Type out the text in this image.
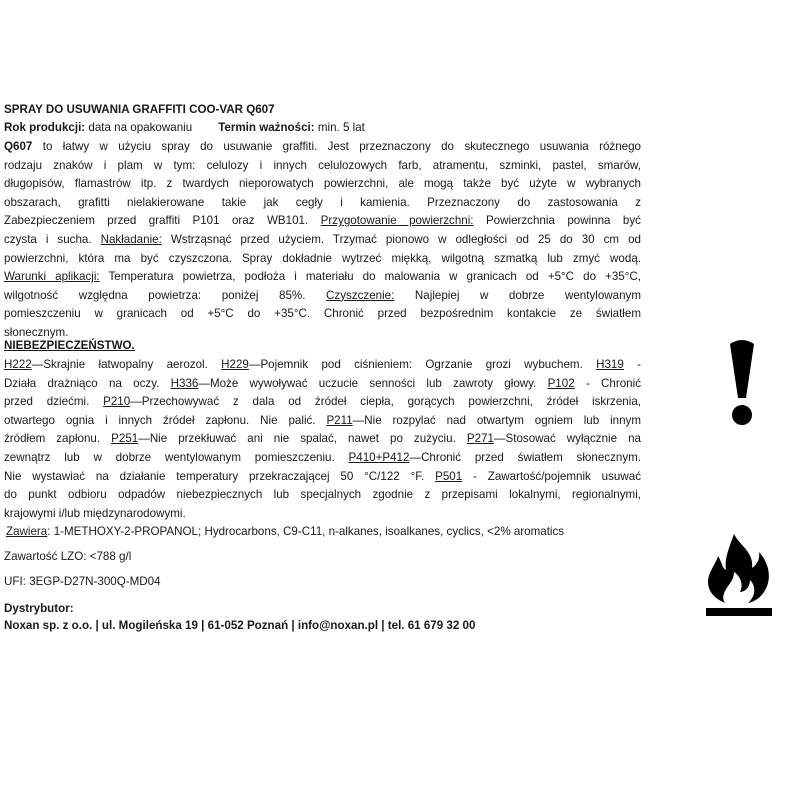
SPRAY DO USUWANIA GRAFFITI COO-VAR Q607
Rok produkcji: data na opakowaniu Termin ważności: min. 5 lat
Q607 to łatwy w użyciu spray do usuwanie graffiti. Jest przeznaczony do skutecznego usuwania różnego
rodzaju znaków i plam w tym: celulozy i innych celulozowych farb, atramentu, szminki, pastel, smarów,
długopisów, flamastrów itp. z twardych nieporowatych powierzchni, ale mogą także być użyte w wybranych
obszarach, grafitti nielakierowane takie jak cegły i kamienia. Przeznaczony do zastosowania z
Zabezpieczeniem przed graffiti P101 oraz WB101. Przygotowanie powierzchni: Powierzchnia powinna być
czysta i sucha. Nakładanie: Wstrząsnąć przed użyciem. Trzymać pionowo w odległości od 25 do 30 cm od
powierzchni, która ma być czyszczona. Spray dokładnie wytrzeć miękką, wilgotną szmatką lub zmyć wodą.
Warunki aplikacji: Temperatura powietrza, podłoża i materiału do malowania w granicach od +5°C do +35°C,
wilgotność względna powietrza: poniżej 85%. Czyszczenie: Najlepiej w dobrze wentylowanym
pomieszczeniu w granicach od +5°C do +35°C. Chronić przed bezpośrednim kontakcie ze światłem
słonecznym.
NIEBEZPIECZEŃSTWO.
H222—Skrajnie łatwopalny aerozol. H229—Pojemnik pod ciśnieniem: Ogrzanie grozi wybuchem. H319 -
Działa drażniąco na oczy. H336—Może wywoływać uczucie senności lub zawroty głowy. P102 - Chronić
przed dziećmi. P210—Przechowywać z dala od źródeł ciepła, gorących powierzchni, źródeł iskrzenia,
otwartego ognia i innych źródeł zapłonu. Nie palić. P211—Nie rozpylać nad otwartym ogniem lub innym
źródłem zapłonu. P251—Nie przekłuwać ani nie spalać, nawet po zużyciu. P271—Stosować wyłącznie na
zewnątrz lub w dobrze wentylowanym pomieszczeniu. P410+P412—Chronić przed światłem słonecznym.
Nie wystawiać na działanie temperatury przekraczającej 50 °C/122 °F. P501 - Zawartość/pojemnik usuwać
do punkt odbioru odpadów niebezpiecznych lub specjalnych zgodnie z przepisami lokalnymi, regionalnymi,
krajowymi i/lub międzynarodowymi.
Zawiera: 1-METHOXY-2-PROPANOL; Hydrocarbons, C9-C11, n-alkanes, isoalkanes, cyclics, <2% aromatics
Zawartość LZO: <788 g/l
UFI: 3EGP-D27N-300Q-MD04
Dystrybutor:
Noxan sp. z o.o. | ul. Mogileńska 19 | 61-052 Poznań | info@noxan.pl | tel. 61 679 32 00
